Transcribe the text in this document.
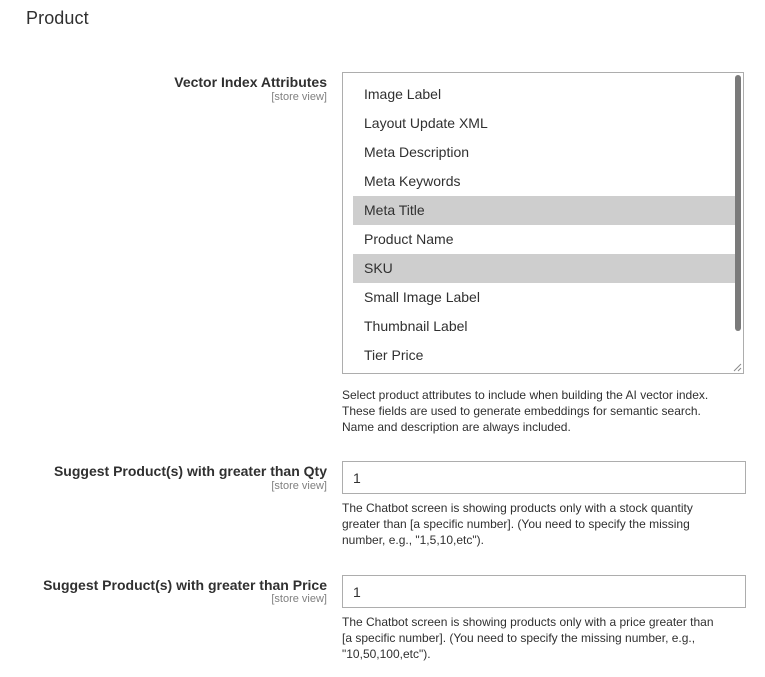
Product
Vector Index Attributes
[store view]	Image Label
Layout Update XML
Meta Description
Meta Keywords
Meta Title
Product Name
SKU
Small Image Label
Thumbnail Label
Tier Price
Select product attributes to include when building the AI vector index.
These fields are used to generate embeddings for semantic search.
Name and description are always included.
Suggest Product(s) with greater than Qty
[store view]
1
The Chatbot screen is showing products only with a stock quantity
greater than [a specific number]. (You need to specify the missing
number, e.g., "1,5,10,etc").
Suggest Product(s) with greater than Price
[store view]
1
The Chatbot screen is showing products only with a price greater than
[a specific number]. (You need to specify the missing number, e.g.,
"10,50,100,etc").
